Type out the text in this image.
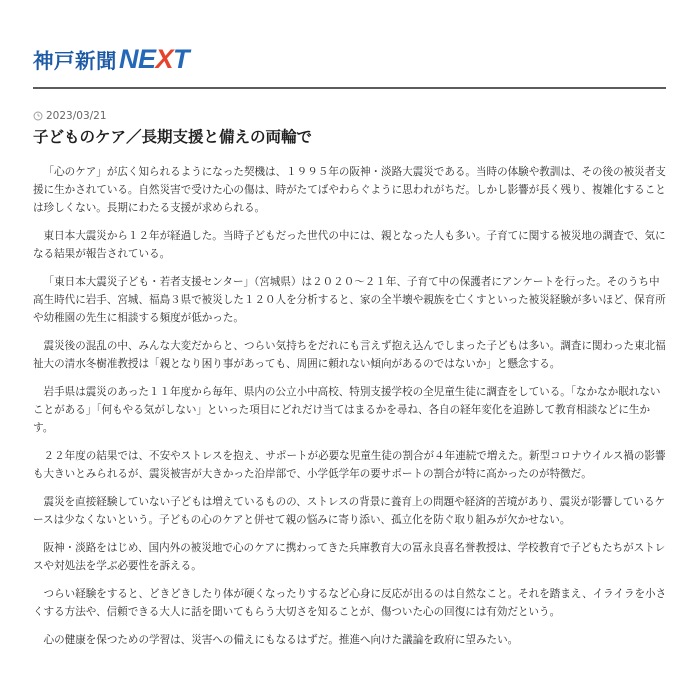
神戸新聞 NEXT
2023/03/21
子どものケア／長期支援と備えの両輪で

「心のケア」が広く知られるようになった契機は、１９９５年の阪神・淡路大震災である。当時の体験や教訓は、その後の被災者支援に生かされている。自然災害で受けた心の傷は、時がたてばやわらぐように思われがちだ。しかし影響が長く残り、複雑化することは珍しくない。長期にわたる支援が求められる。

東日本大震災から１２年が経過した。当時子どもだった世代の中には、親となった人も多い。子育てに関する被災地の調査で、気になる結果が報告されている。

「東日本大震災子ども・若者支援センター」（宮城県）は２０２０～２１年、子育て中の保護者にアンケートを行った。そのうち中高生時代に岩手、宮城、福島３県で被災した１２０人を分析すると、家の全半壊や親族を亡くすといった被災経験が多いほど、保育所や幼稚園の先生に相談する頻度が低かった。

震災後の混乱の中、みんな大変だからと、つらい気持ちをだれにも言えず抱え込んでしまった子どもは多い。調査に関わった東北福祉大の清水冬樹准教授は「親となり困り事があっても、周囲に頼れない傾向があるのではないか」と懸念する。

岩手県は震災のあった１１年度から毎年、県内の公立小中高校、特別支援学校の全児童生徒に調査をしている。「なかなか眠れないことがある」「何もやる気がしない」といった項目にどれだけ当てはまるかを尋ね、各自の経年変化を追跡して教育相談などに生かす。

２２年度の結果では、不安やストレスを抱え、サポートが必要な児童生徒の割合が４年連続で増えた。新型コロナウイルス禍の影響も大きいとみられるが、震災被害が大きかった沿岸部で、小学低学年の要サポートの割合が特に高かったのが特徴だ。

震災を直接経験していない子どもは増えているものの、ストレスの背景に養育上の問題や経済的苦境があり、震災が影響しているケースは少なくないという。子どもの心のケアと併せて親の悩みに寄り添い、孤立化を防ぐ取り組みが欠かせない。

阪神・淡路をはじめ、国内外の被災地で心のケアに携わってきた兵庫教育大の冨永良喜名誉教授は、学校教育で子どもたちがストレスや対処法を学ぶ必要性を訴える。

つらい経験をすると、どきどきしたり体が硬くなったりするなど心身に反応が出るのは自然なこと。それを踏まえ、イライラを小さくする方法や、信頼できる大人に話を聞いてもらう大切さを知ることが、傷ついた心の回復には有効だという。

心の健康を保つための学習は、災害への備えにもなるはずだ。推進へ向けた議論を政府に望みたい。
